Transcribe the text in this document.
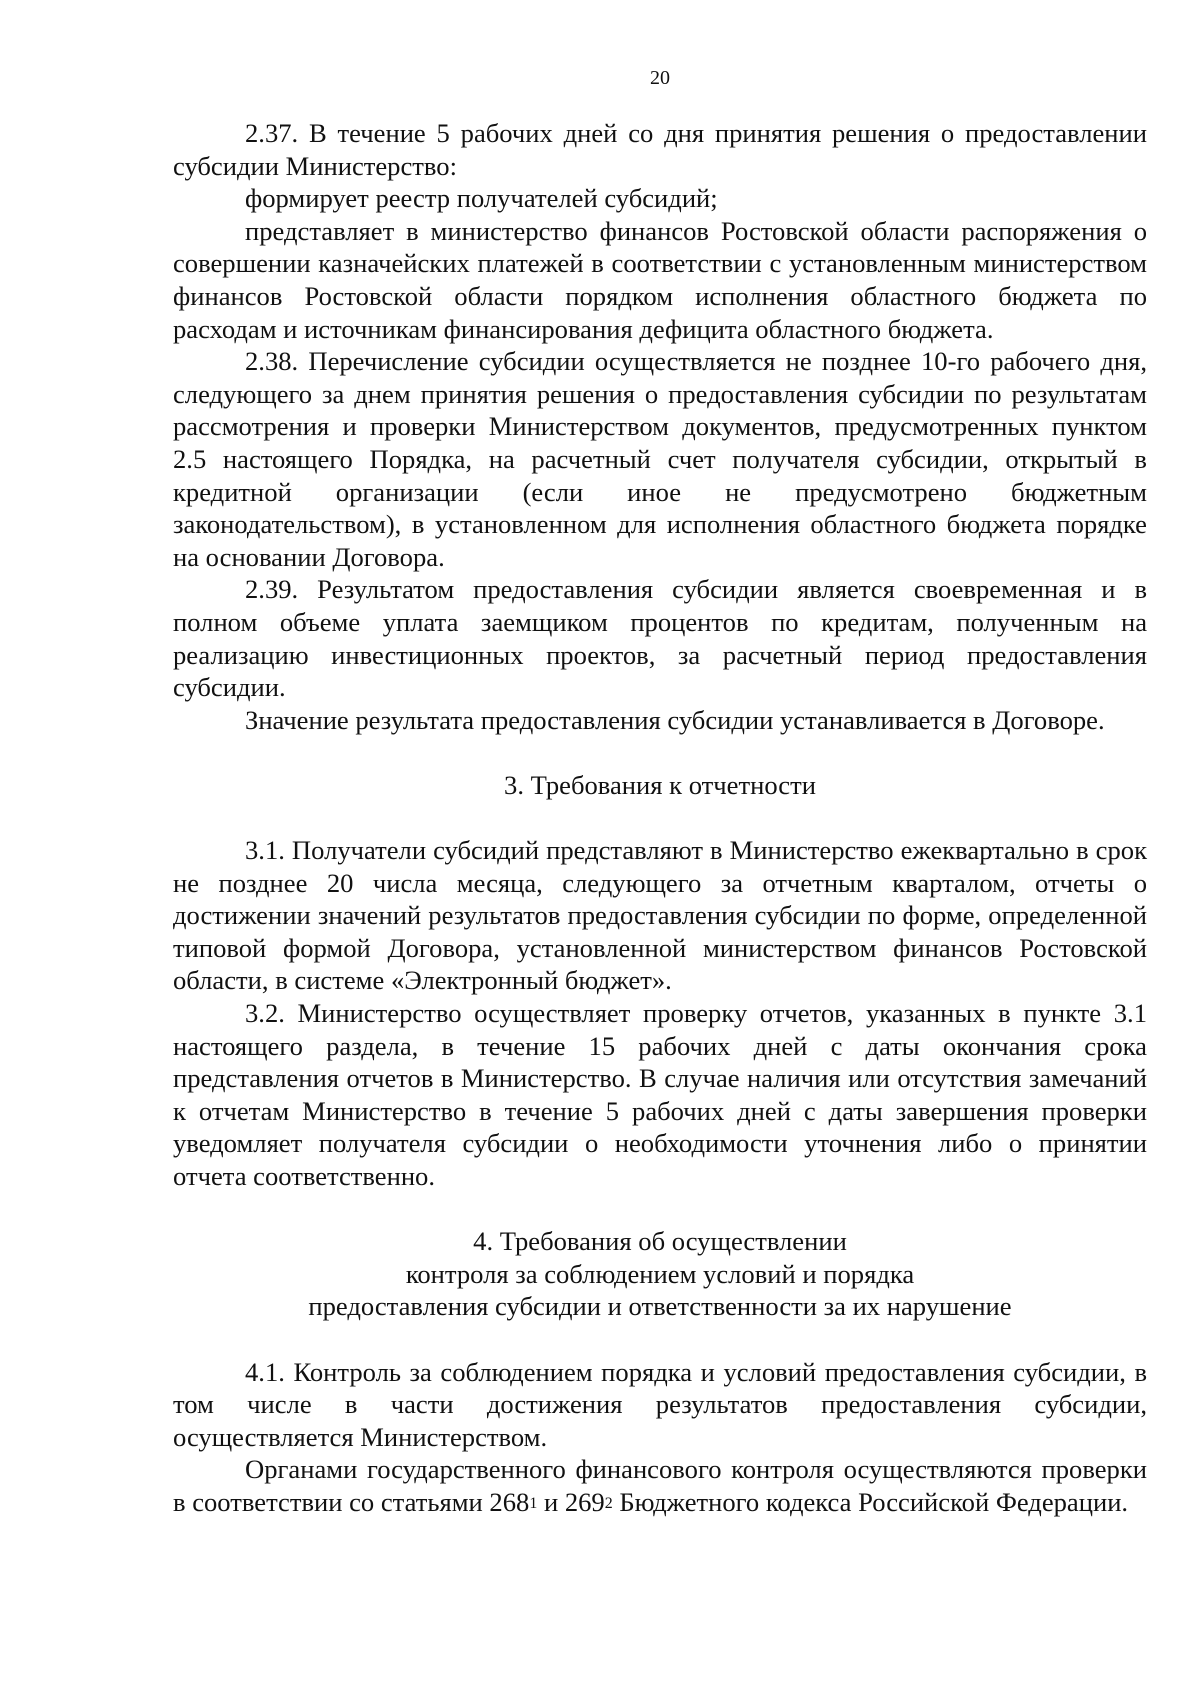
20

2.37. В течение 5 рабочих дней со дня принятия решения о предоставлении субсидии Министерство:

формирует реестр получателей субсидий;

представляет в министерство финансов Ростовской области распоряжения о совершении казначейских платежей в соответствии с установленным министерством финансов Ростовской области порядком исполнения областного бюджета по расходам и источникам финансирования дефицита областного бюджета.

2.38. Перечисление субсидии осуществляется не позднее 10-го рабочего дня, следующего за днем принятия решения о предоставления субсидии по результатам рассмотрения и проверки Министерством документов, предусмотренных пунктом 2.5 настоящего Порядка, на расчетный счет получателя субсидии, открытый в кредитной организации (если иное не предусмотрено бюджетным законодательством), в установленном для исполнения областного бюджета порядке на основании Договора.

2.39. Результатом предоставления субсидии является своевременная и в полном объеме уплата заемщиком процентов по кредитам, полученным на реализацию инвестиционных проектов, за расчетный период предоставления субсидии.

Значение результата предоставления субсидии устанавливается в Договоре.

3. Требования к отчетности

3.1. Получатели субсидий представляют в Министерство ежеквартально в срок не позднее 20 числа месяца, следующего за отчетным кварталом, отчеты о достижении значений результатов предоставления субсидии по форме, определенной типовой формой Договора, установленной министерством финансов Ростовской области, в системе «Электронный бюджет».

3.2. Министерство осуществляет проверку отчетов, указанных в пункте 3.1 настоящего раздела, в течение 15 рабочих дней с даты окончания срока представления отчетов в Министерство. В случае наличия или отсутствия замечаний к отчетам Министерство в течение 5 рабочих дней с даты завершения проверки уведомляет получателя субсидии о необходимости уточнения либо о принятии отчета соответственно.

4. Требования об осуществлении

контроля за соблюдением условий и порядка

предоставления субсидии и ответственности за их нарушение

4.1. Контроль за соблюдением порядка и условий предоставления субсидии, в том числе в части достижения результатов предоставления субсидии, осуществляется Министерством.

Органами государственного финансового контроля осуществляются проверки в соответствии со статьями $268^1$ и $269^2$ Бюджетного кодекса Российской Федерации.
